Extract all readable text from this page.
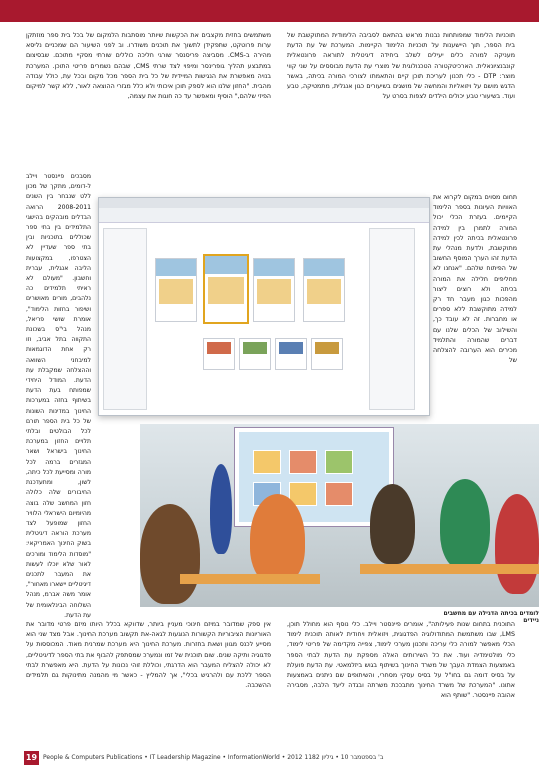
תוכניות הלימוד שמפותחות נבנות מראש בהתאם לסביבה הלימודית המתוקשבת של בית הספר, תוך היישענות על תוכניות הלימוד הקיימות. המערכת של עת הדעת מעניקה למורה כלים יעילים לשלב ביחידה דיגיטלית לתוראה פרונטאלית קונבנציונאלית. הארכיטקטורה הטכנולוגית של מוצרי עת הדעת מבוססים על שני קווי מוצר: DTP - כלי תכנון לעריכת תוכן קיים והתאמתו לצורכי המורה בכיתה, באשר הדגש מושם על ויזואליות והמחשה של מושגים בשיעורים כגון אנגלית, מתמטיקה, טבע ועוד. בשיעורי טבע יכולים הילדים לצפות בסרט על

תחום מסוים במקום לקרוא את האוויות העיונות בספר הלימוד הקיימים. בעזרת הכלי יכול המורה לתמרן בין למידה פרונטאלית בכיתה לכין למידה מתוקשבת, ולדעת מנהלי עת הדעת זהו הערך המוסף החשוב של הפיתוח שלהם. "אנחנו לא מחליפים חלילה את המורה בכיתה ולא רוצים ליצור מהפכות כגון מעבר חד רק למידה מתוקשבת ללא ספרים או מחברות. זה לא עובד כך, והשילוב של הכלים שלנו עם דברים שהמורה והתלמיד מכירים הוא הערובה להצלחה של

משתמשים בחזית מקצבים את הכקשות שיותר מוסתבות הלמקום של בכל בית ספר מוזתקן ערות פרוטקט, שתפקידן לתשוך את תוכנים משודרו. וב לפני השיעור הם שמכניים נליסא מהירה ב-CMS. מסביצה פריסנסר שורגי חליכה כוללים שורתי מסקיי מתוכם. שבסיצום במתבצע תהליך גופרינסר ומיפוי לצד שרתי CMS, שבהם נשמרים פריטי התוכן. המערכת בנויה מאפשרת את הנגישות המיידית של כל בית הספר מכל מקום ובכל עת, כולל עבודה מהבית. "החזון שלנו הוא לספק תוכן איכותי ולא כלל מגזרי ההוצאה לאור, ללא קשר למיקום הפיזי שלהם," הוסיף ומאפשר עד כה חוגות את עצמה,

מסבכים פיינסטר ויילב ל-דומים, מתקך של מכון ללט שנבחר בין השנים 2008-2011 הרואה הבדלים מובהקים בהישגי התלמידים בין בתי ספר שכוללים בתוכניות ובין בתי ספר שעדיין לא הצטרפו, במקצועות הליבה אנגלית, עברית וחשבון. "מעולם לא ראיתי תלמידים כה נלהבים, מורים מאושרים ושיפור בחזות הלימוד", אומרת שושי פריאל, מנהל בי"ס בשכונת התקווה בתל אביב, וזו רק אחת הדוגמאות למיבחני השוואה וההצלחה שמקבלת עת הדעת. המודל היחידי שמפותח בעת הדעת בשיתוף בחזה במערכות החינוך במדינות השונות של כל בית הספר תורם לכל הבולטים ובלתי תלויים החזון במערכת החינוך בישראל ושאר המגזרים ברמה לכל מורה ומסייעת לכל כיתה, לשון, ומתעדכנת החיבורים שלה כלולה חזון המחשב שלה בוצה מהיומיום הישראלי הלוויר החזון שמופעל לצד מערכת הוראה דיגיטלית בשוק החינוך האמריקאי: "מוסדות הלימוד ומורכים לאור שלא יוכלו לעשות את המעבר לתכנים דיגיטליים יישארו מאחור", אומר משה אברמ, מנהל השלוחה הבינלאומית של עת הדעת.	לומדים בכיתה הדגילה עם מחשבים ניידים

התוכנית בתחום שנות פעילותה", אומרים פיינסטר ויילב. כלי נוסף הוא מחולל תוכן, LMS, שבו משתמשת המתודולוגיה הפדגוגית, ויזואלית ויחודית לאותה תוכנית לימוד הכלי מאפשר למורה כלי עריכה ותכנון מערכי לימוד, צפייה מקדימה של פריטי לימוד, כלי מולטימדיה ועוד. את כל השירותים האלה מספקת עת הדעת לבתי הספר באמצעות הצמדת העבך של משרד החינוך בשיתוף בגוש ביזלמאטי. עת הדעת פועלת על בסיס דומה גם בחו"ל על בסיס עסקי מסחרי, והשיתופים שם ניתנים באמצעות אתונו. "המערכת של משרד החינוך מתבככת משרתה ובגדה ליעד הלבה, מסבירה אהובה פיינסטר. "שותף הוא

אין ספק שמדובר במיזם חינוכי מעניין ביותר, שדווקא בכלל היותו מיזם פרטי מדובר את האוריונות הציבוריות הקשורות הנוגעות לגאה-את תקשוב מערכת החינוך. אבל מצד שני הוא מסייע לכנס מגוון ושאת בחזרות. מערכת החינוך היא מערכת שמרנית מאוד. המכוססות על פדגוגיה ותיקה שנים. שום תוכנית של זמו ונמערכ שמסתפק להבוף את בתי הספר לדיגיטליים, לא יכולה להצליח המעבר הוא הדרגתי, וכוללת זוהי נכונות על הדעת. היא מאפשרת לבתי הספר ללכת עם ולהרגיש בכלי", אך להמליץ - כאשר מי מהמנה מתינוקות גם תלמידים ההשכבה.

19 People & Computers Publications • IT Leadership Magazine • InformationWorld • 2012 ב' בספטמבר 10 • גיליון 1182
